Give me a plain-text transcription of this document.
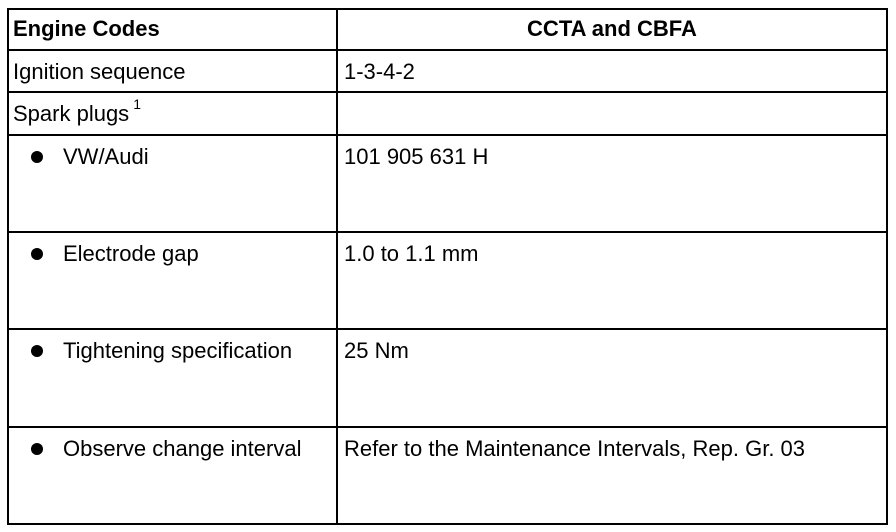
Engine Codes	CCTA and CBFA

Ignition sequence	1-3-4-2

Spark plugs $^1$

VW/Audi	101 905 631 H

Electrode gap	1.0 to 1.1 mm

Tightening specification	25 Nm

Observe change interval	Refer to the Maintenance Intervals, Rep. Gr. 03
